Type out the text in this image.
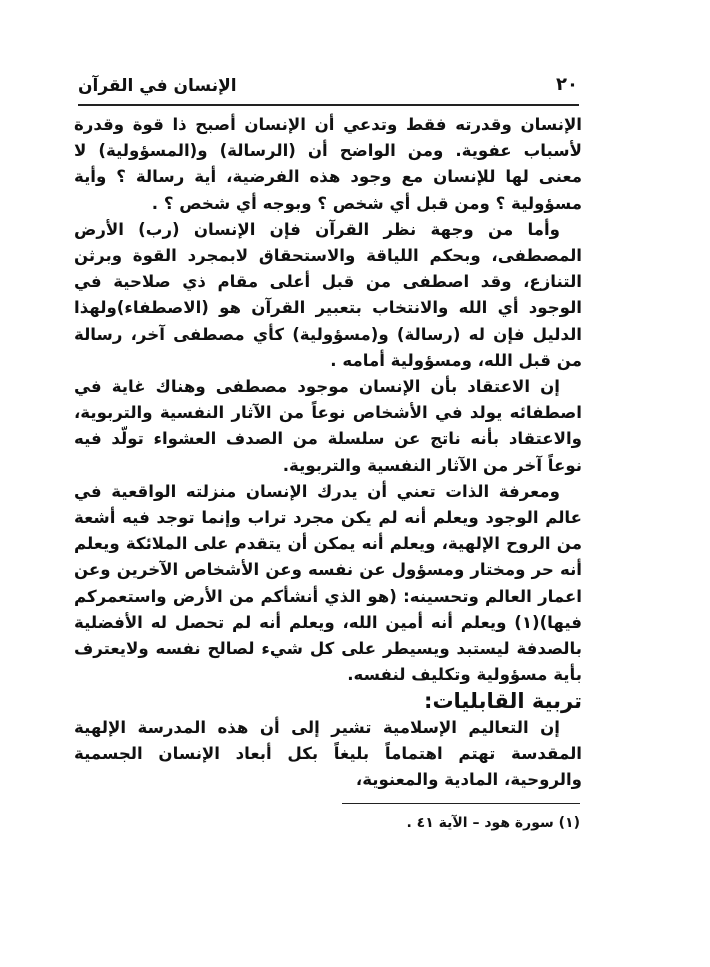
٢٠
الإنسان في القرآن

الإنسان وقدرته فقط وتدعي أن الإنسان أصبح ذا قوة وقدرة لأسباب عفوية. ومن الواضح أن (الرسالة) و(المسؤولية) لا معنى لها للإنسان مع وجود هذه الفرضية، أية رسالة ؟ وأية مسؤولية ؟ ومن قبل أي شخص ؟ وبوجه أي شخص ؟ .

وأما من وجهة نظر القرآن فإن الإنسان (رب) الأرض المصطفى، وبحكم اللياقة والاستحقاق لابمجرد القوة وبرثن التنازع، وقد اصطفى من قبل أعلى مقام ذي صلاحية في الوجود أي الله والانتخاب بتعبير القرآن هو (الاصطفاء)ولهذا الدليل فإن له (رسالة) و(مسؤولية) كأي مصطفى آخر، رسالة من قبل الله، ومسؤولية أمامه .

إن الاعتقاد بأن الإنسان موجود مصطفى وهناك غاية في اصطفائه يولد في الأشخاص نوعاً من الآثار النفسية والتربوية، والاعتقاد بأنه ناتج عن سلسلة من الصدف العشواء تولّد فيه نوعاً آخر من الآثار النفسية والتربوية.

ومعرفة الذات تعني أن يدرك الإنسان منزلته الواقعية في عالم الوجود ويعلم أنه لم يكن مجرد تراب وإنما توجد فيه أشعة من الروح الإلهية، ويعلم أنه يمكن أن يتقدم على الملائكة ويعلم أنه حر ومختار ومسؤول عن نفسه وعن الأشخاص الآخرين وعن اعمار العالم وتحسينه: (هو الذي أنشأكم من الأرض واستعمركم فيها)(١) ويعلم أنه أمين الله، ويعلم أنه لم تحصل له الأفضلية بالصدفة ليستبد ويسيطر على كل شيء لصالح نفسه ولايعترف بأية مسؤولية وتكليف لنفسه.

تربية القابليات:

إن التعاليم الإسلامية تشير إلى أن هذه المدرسة الإلهية المقدسة تهتم اهتماماً بليغاً بكل أبعاد الإنسان الجسمية والروحية، المادية والمعنوية،

(١) سورة هود – الآية ٤١ .
